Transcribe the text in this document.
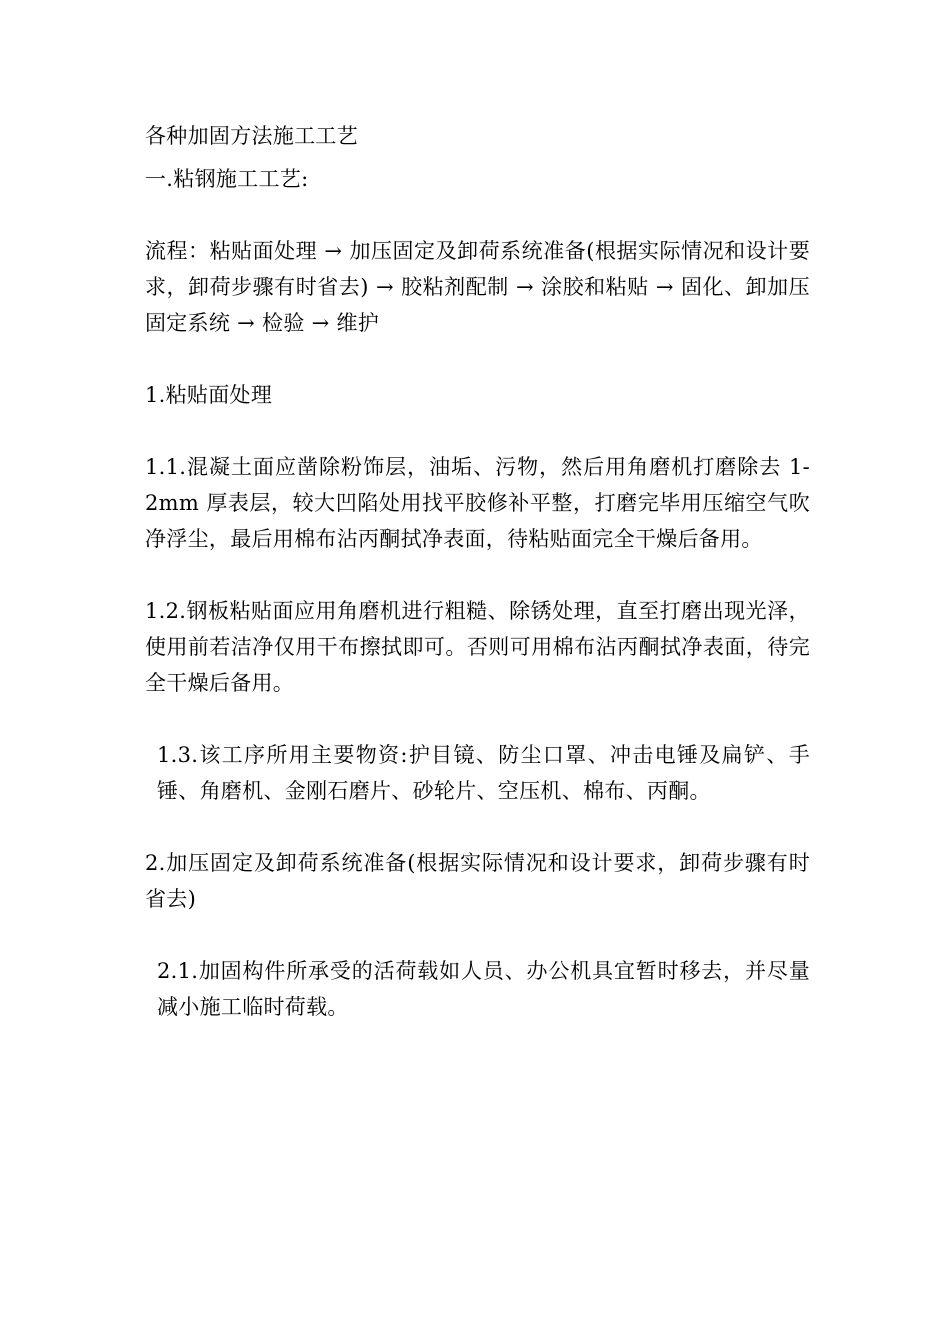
各种加固方法施工工艺

一.粘钢施工工艺:

流程：粘贴面处理 → 加压固定及卸荷系统准备(根据实际情况和设计要求，卸荷步骤有时省去) → 胶粘剂配制 → 涂胶和粘贴 → 固化、卸加压固定系统 → 检验 → 维护

1.粘贴面处理

1.1.混凝土面应凿除粉饰层，油垢、污物，然后用角磨机打磨除去 1-2mm 厚表层，较大凹陷处用找平胶修补平整，打磨完毕用压缩空气吹净浮尘，最后用棉布沾丙酮拭净表面，待粘贴面完全干燥后备用。

1.2.钢板粘贴面应用角磨机进行粗糙、除锈处理，直至打磨出现光泽，使用前若洁净仅用干布擦拭即可。否则可用棉布沾丙酮拭净表面，待完全干燥后备用。

1.3.该工序所用主要物资:护目镜、防尘口罩、冲击电锤及扁铲、手锤、角磨机、金刚石磨片、砂轮片、空压机、棉布、丙酮。

2.加压固定及卸荷系统准备(根据实际情况和设计要求，卸荷步骤有时省去)

2.1.加固构件所承受的活荷载如人员、办公机具宜暂时移去，并尽量减小施工临时荷载。
